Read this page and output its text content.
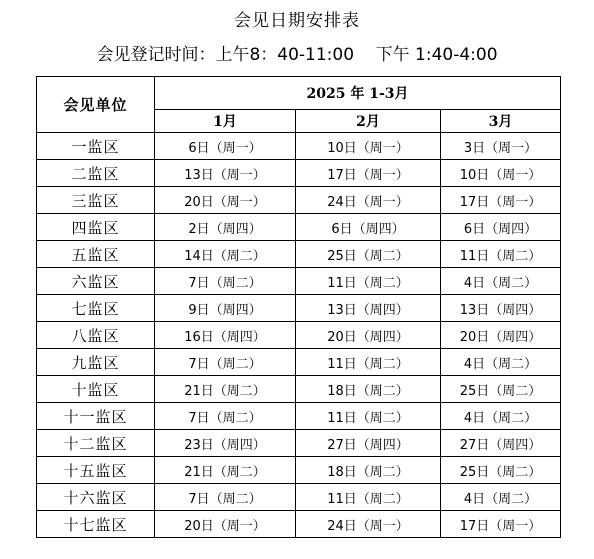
会见日期安排表
会见登记时间：上午8：40-11:00    下午 1:40-4:00
会见单位	2025 年 1-3月		
	1月	2月	3月
一监区	6日（周一）	10日（周一）	3日（周一）
二监区	13日（周一）	17日（周一）	10日（周一）
三监区	20日（周一）	24日（周一）	17日（周一）
四监区	2日（周四）	6日（周四）	6日（周四）
五监区	14日（周二）	25日（周二）	11日（周二）
六监区	7日（周二）	11日（周二）	4日（周二）
七监区	9日（周四）	13日（周四）	13日（周四）
八监区	16日（周四）	20日（周四）	20日（周四）
九监区	7日（周二）	11日（周二）	4日（周二）
十监区	21日（周二）	18日（周二）	25日（周二）
十一监区	7日（周二）	11日（周二）	4日（周二）
十二监区	23日（周四）	27日（周四）	27日（周四）
十五监区	21日（周二）	18日（周二）	25日（周二）
十六监区	7日（周二）	11日（周二）	4日（周二）
十七监区	20日（周一）	24日（周一）	17日（周一）
